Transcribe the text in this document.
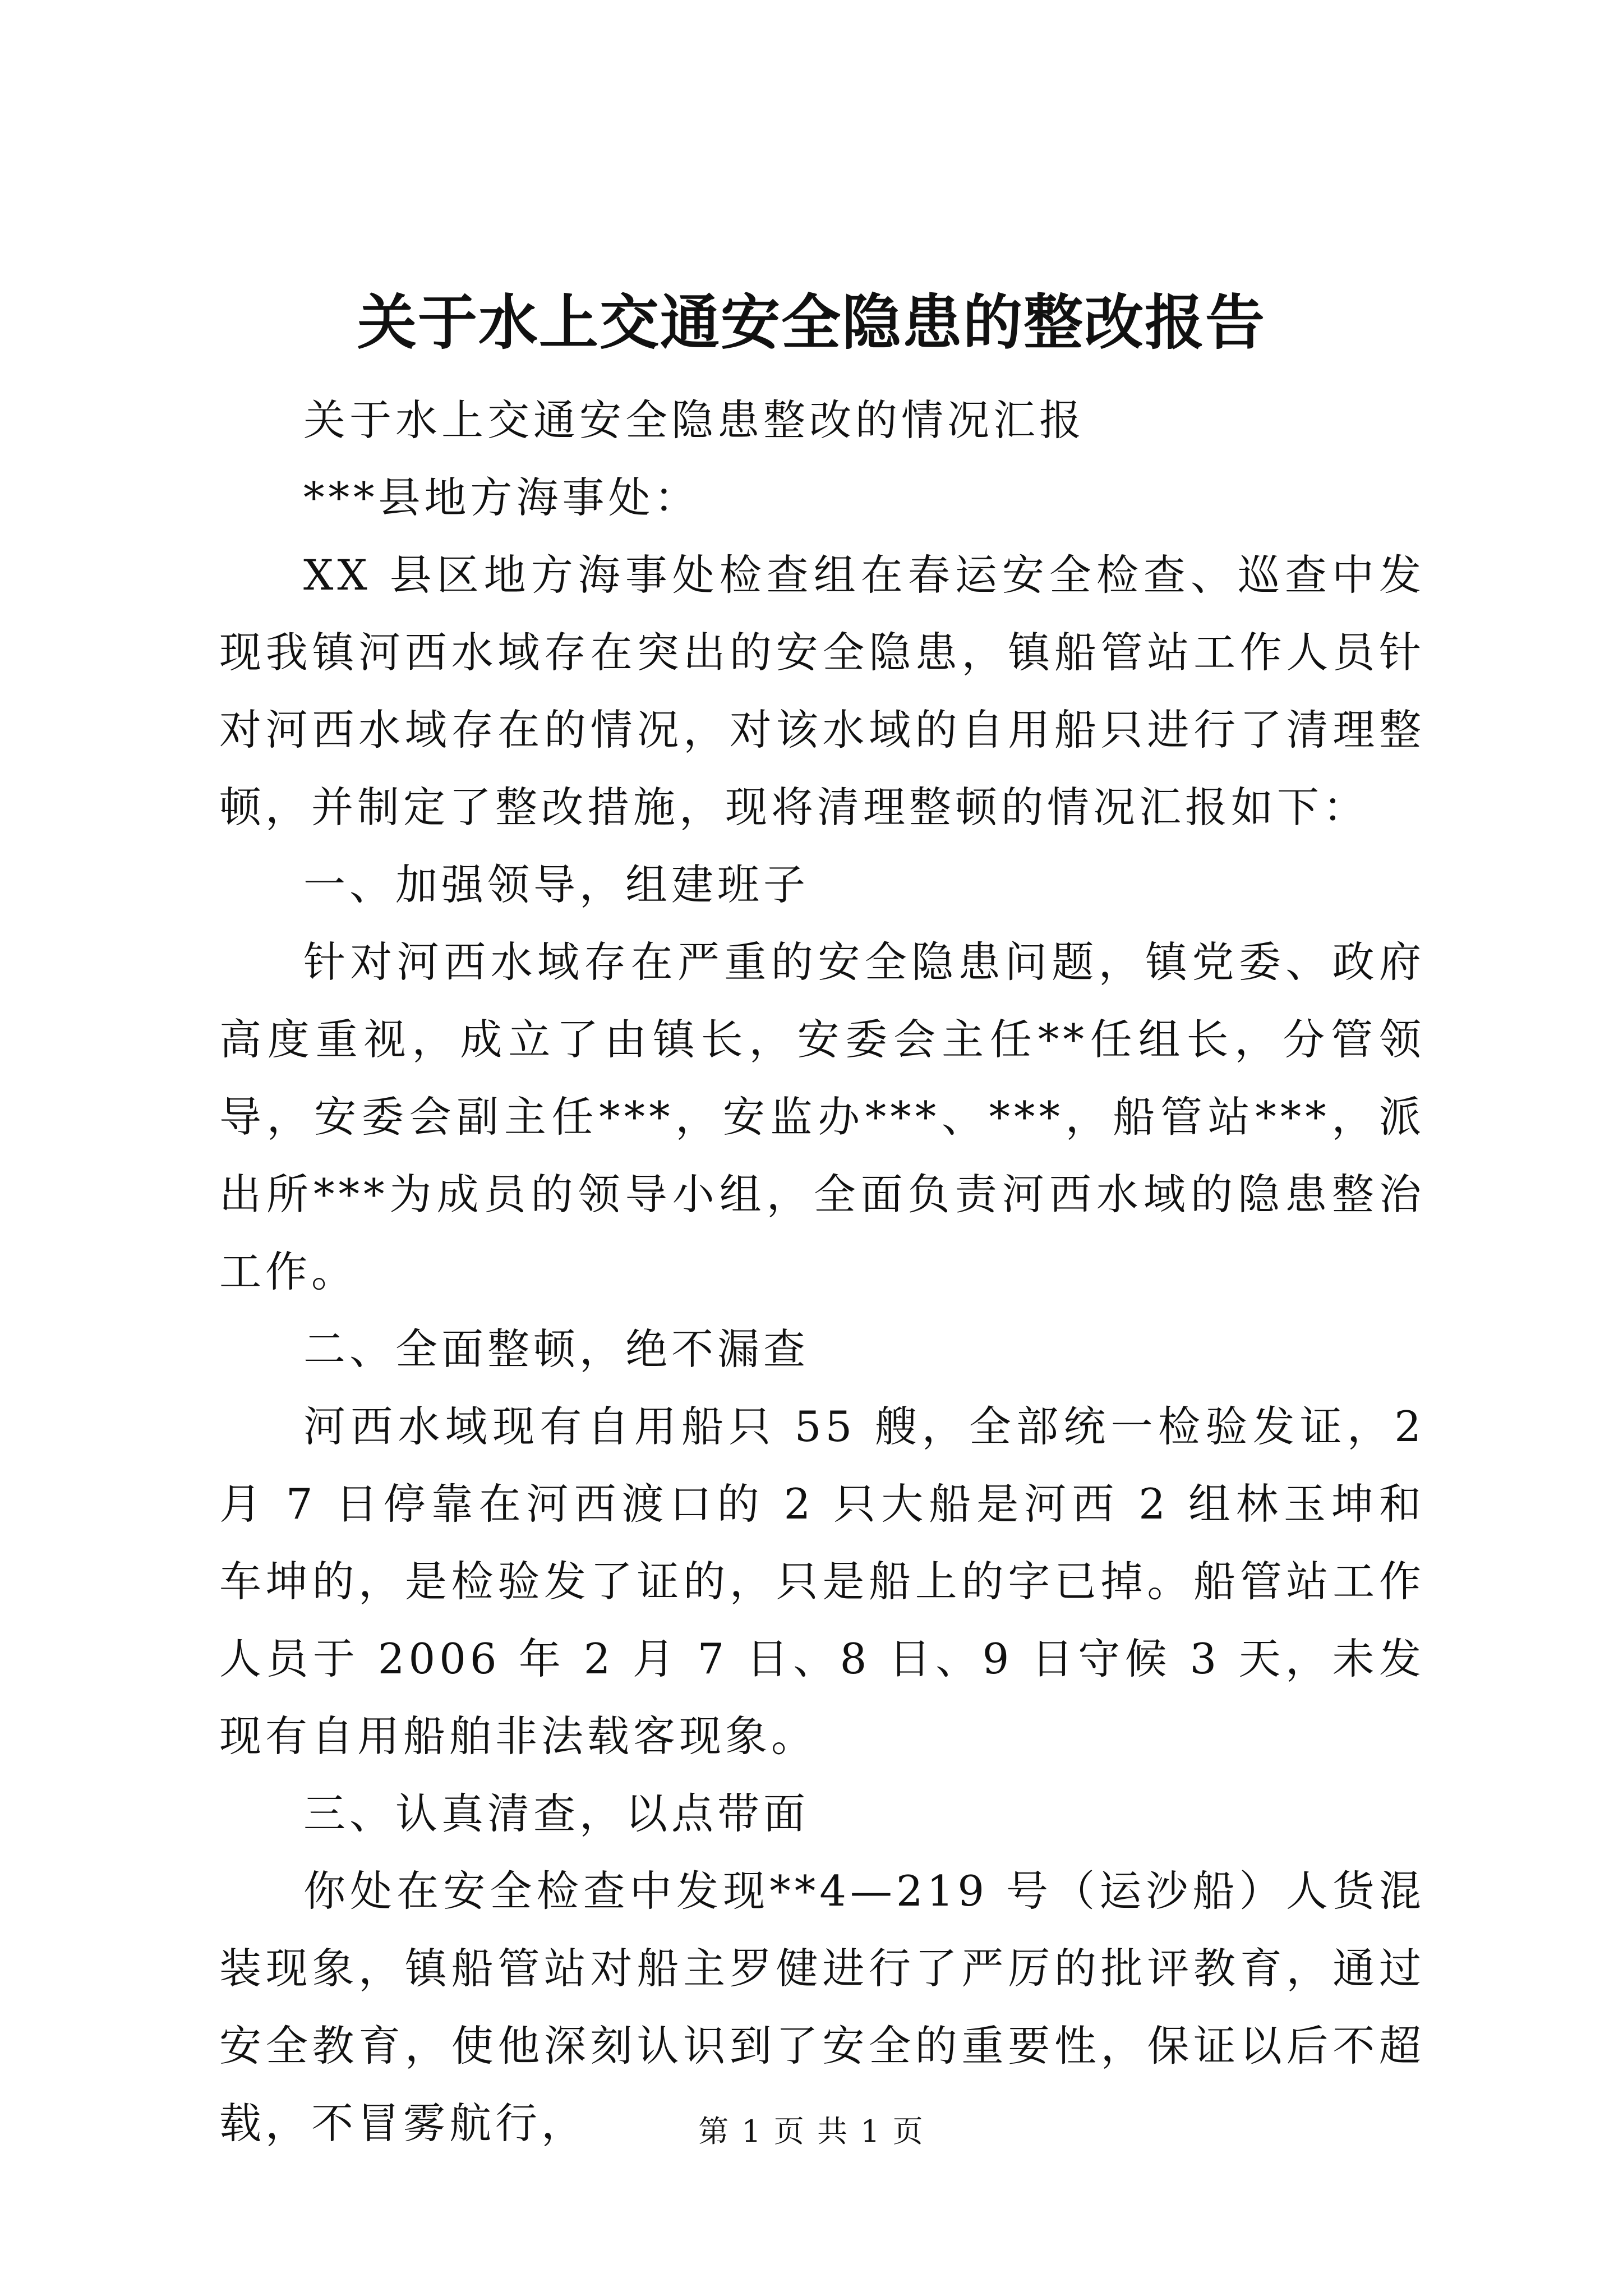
关于水上交通安全隐患的整改报告

关于水上交通安全隐患整改的情况汇报

***县地方海事处：

XX 县区地方海事处检查组在春运安全检查、巡查中发现我镇河西水域存在突出的安全隐患，镇船管站工作人员针对河西水域存在的情况，对该水域的自用船只进行了清理整顿，并制定了整改措施，现将清理整顿的情况汇报如下：

一、加强领导，组建班子

针对河西水域存在严重的安全隐患问题，镇党委、政府高度重视，成立了由镇长，安委会主任**任组长，分管领导，安委会副主任***，安监办***、***，船管站***，派出所***为成员的领导小组，全面负责河西水域的隐患整治工作。

二、全面整顿，绝不漏查

河西水域现有自用船只 55 艘，全部统一检验发证，2 月 7 日停靠在河西渡口的 2 只大船是河西 2 组林玉坤和车坤的，是检验发了证的，只是船上的字已掉。船管站工作人员于 2006 年 2 月 7 日、8 日、9 日守候 3 天，未发现有自用船舶非法载客现象。

三、认真清查，以点带面

你处在安全检查中发现**4—219 号（运沙船）人货混装现象，镇船管站对船主罗健进行了严厉的批评教育，通过安全教育，使他深刻认识到了安全的重要性，保证以后不超载，不冒雾航行，	第 1 页 共 1 页
